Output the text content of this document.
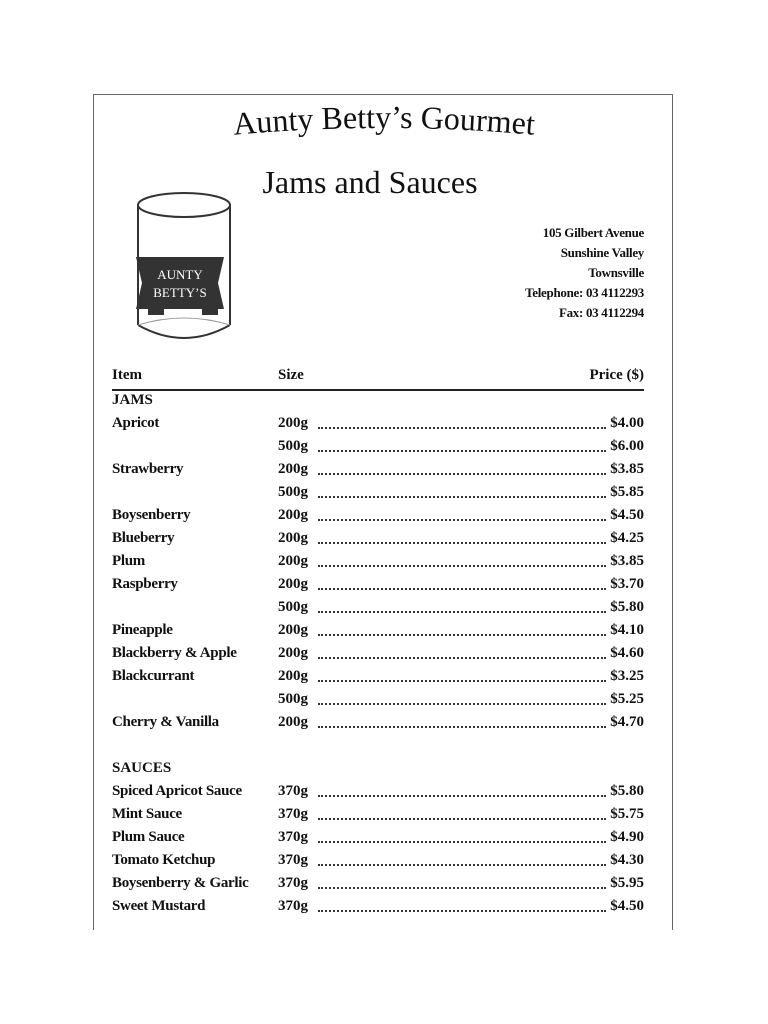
Aunty Betty’s Gourmet
Jams and Sauces
AUNTY
BETTY’S
105 Gilbert Avenue
Sunshine Valley
Townsville
Telephone: 03 4112293
Fax: 03 4112294
Item	Size	Price ($)
JAMS
Apricot	200g	$4.00
500g	$6.00
Strawberry	200g	$3.85
500g	$5.85
Boysenberry	200g	$4.50
Blueberry	200g	$4.25
Plum	200g	$3.85
Raspberry	200g	$3.70
500g	$5.80
Pineapple	200g	$4.10
Blackberry & Apple	200g	$4.60
Blackcurrant	200g	$3.25
500g	$5.25
Cherry & Vanilla	200g	$4.70
SAUCES
Spiced Apricot Sauce 370g	$5.80
Mint Sauce	370g	$5.75
Plum Sauce	370g	$4.90
Tomato Ketchup	370g	$4.30
Boysenberry & Garlic 370g	$5.95
Sweet Mustard	370g	$4.50
